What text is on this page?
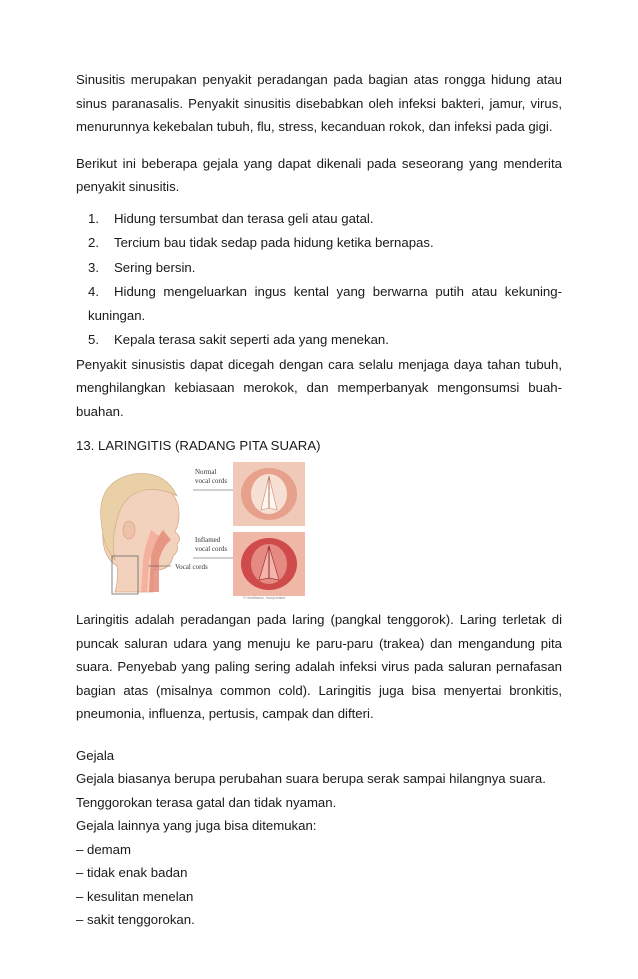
Sinusitis merupakan penyakit peradangan pada bagian atas rongga hidung atau sinus paranasalis. Penyakit sinusitis disebabkan oleh infeksi bakteri, jamur, virus, menurunnya kekebalan tubuh, flu, stress, kecanduan rokok, dan infeksi pada gigi.

Berikut ini beberapa gejala yang dapat dikenali pada seseorang yang menderita penyakit sinusitis.

1. Hidung tersumbat dan terasa geli atau gatal.
2. Tercium bau tidak sedap pada hidung ketika bernapas.
3. Sering bersin.
4. Hidung mengeluarkan ingus kental yang berwarna putih atau kekuning-kuningan.
5. Kepala terasa sakit seperti ada yang menekan.

Penyakit sinusistis dapat dicegah dengan cara selalu menjaga daya tahan tubuh, menghilangkan kebiasaan merokok, dan memperbanyak mengonsumsi buah-buahan.

13. LARINGITIS (RADANG PITA SUARA)
Normal
vocal cords
Inflamed
vocal cords
Vocal cords
© Healthwise, Incorporated

Laringitis adalah peradangan pada laring (pangkal tenggorok). Laring terletak di puncak saluran udara yang menuju ke paru-paru (trakea) dan mengandung pita suara. Penyebab yang paling sering adalah infeksi virus pada saluran pernafasan bagian atas (misalnya common cold). Laringitis juga bisa menyertai bronkitis, pneumonia, influenza, pertusis, campak dan difteri.

Gejala

Gejala biasanya berupa perubahan suara berupa serak sampai hilangnya suara.

Tenggorokan terasa gatal dan tidak nyaman.

Gejala lainnya yang juga bisa ditemukan:

– demam

– tidak enak badan

– kesulitan menelan

– sakit tenggorokan.
